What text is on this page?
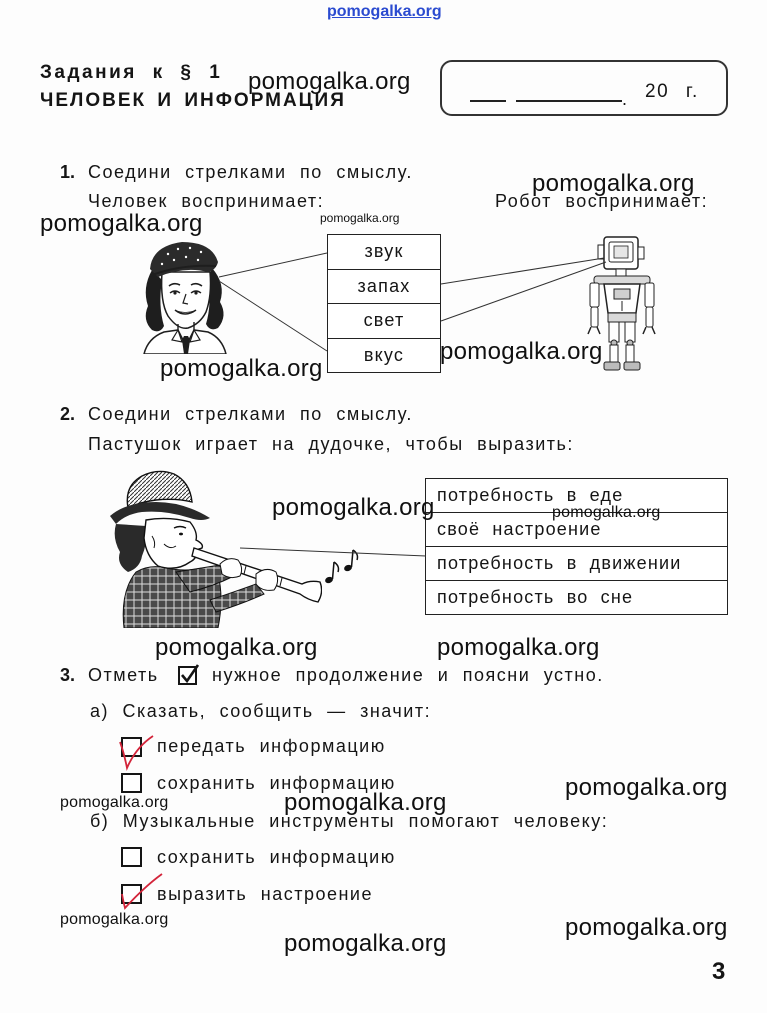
pomogalka.org
Задания к § 1
ЧЕЛОВЕК И ИНФОРМАЦИЯ	. 20 г.
1. Соедини стрелками по смыслу.
Человек воспринимает:	Робот воспринимает:
звук
запах
свет
вкус
2. Соедини стрелками по смыслу.
Пастушок играет на дудочке, чтобы выразить:
потребность в еде
своё настроение
потребность в движении
потребность во сне
3. Отметь	нужное продолжение и поясни устно.
а) Сказать, сообщить — значит:
передать информацию
сохранить информацию
б) Музыкальные инструменты помогают человеку:
сохранить информацию
выразить настроение
3
pomogalka.org
pomogalka.org
pomogalka.org	pomogalka.org
pomogalka.org
pomogalka.org
pomogalka.org	pomogalka.org
pomogalka.org	pomogalka.org
pomogalka.org
pomogalka.org	pomogalka.org
pomogalka.org	pomogalka.org
pomogalka.org
